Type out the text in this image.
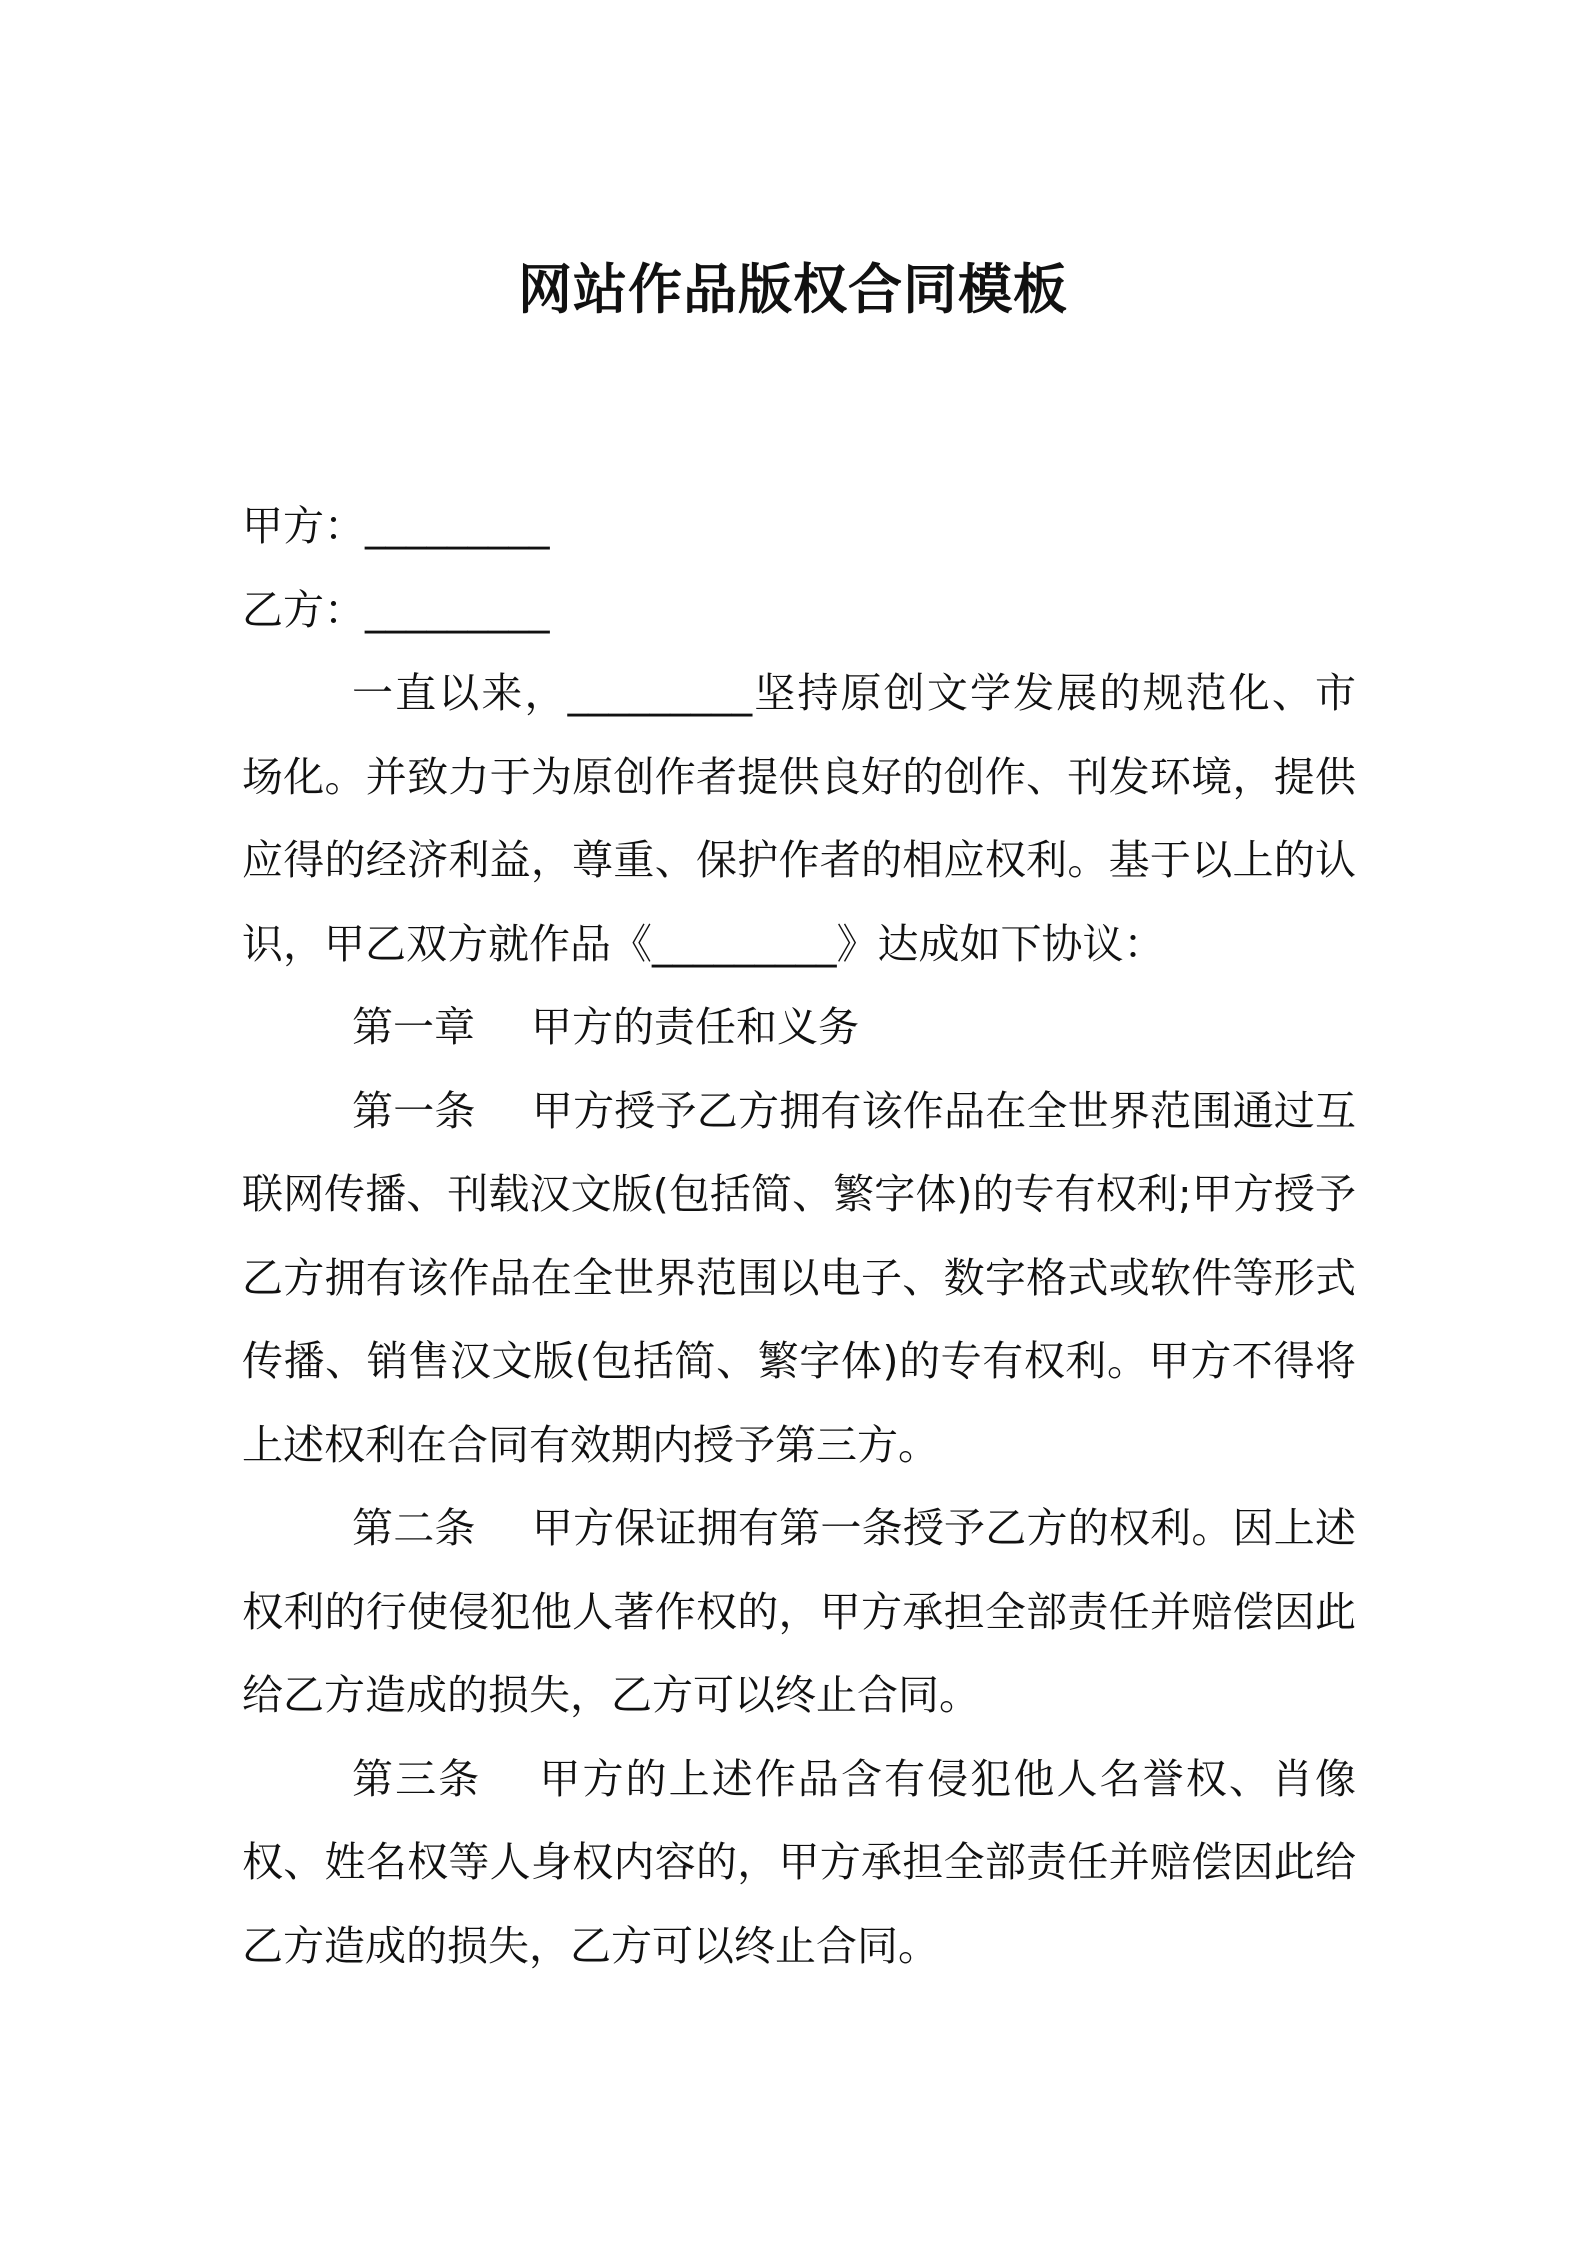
网站作品版权合同模板

甲方：_________

乙方：_________

一直以来，_________坚持原创文学发展的规范化、市场化。并致力于为原创作者提供良好的创作、刊发环境，提供应得的经济利益，尊重、保护作者的相应权利。基于以上的认识，甲乙双方就作品《_________》达成如下协议：

第一章 甲方的责任和义务

第一条 甲方授予乙方拥有该作品在全世界范围通过互联网传播、刊载汉文版(包括简、繁字体)的专有权利;甲方授予乙方拥有该作品在全世界范围以电子、数字格式或软件等形式传播、销售汉文版(包括简、繁字体)的专有权利。甲方不得将上述权利在合同有效期内授予第三方。

第二条 甲方保证拥有第一条授予乙方的权利。因上述权利的行使侵犯他人著作权的，甲方承担全部责任并赔偿因此给乙方造成的损失，乙方可以终止合同。

第三条 甲方的上述作品含有侵犯他人名誉权、肖像权、姓名权等人身权内容的，甲方承担全部责任并赔偿因此给乙方造成的损失，乙方可以终止合同。
